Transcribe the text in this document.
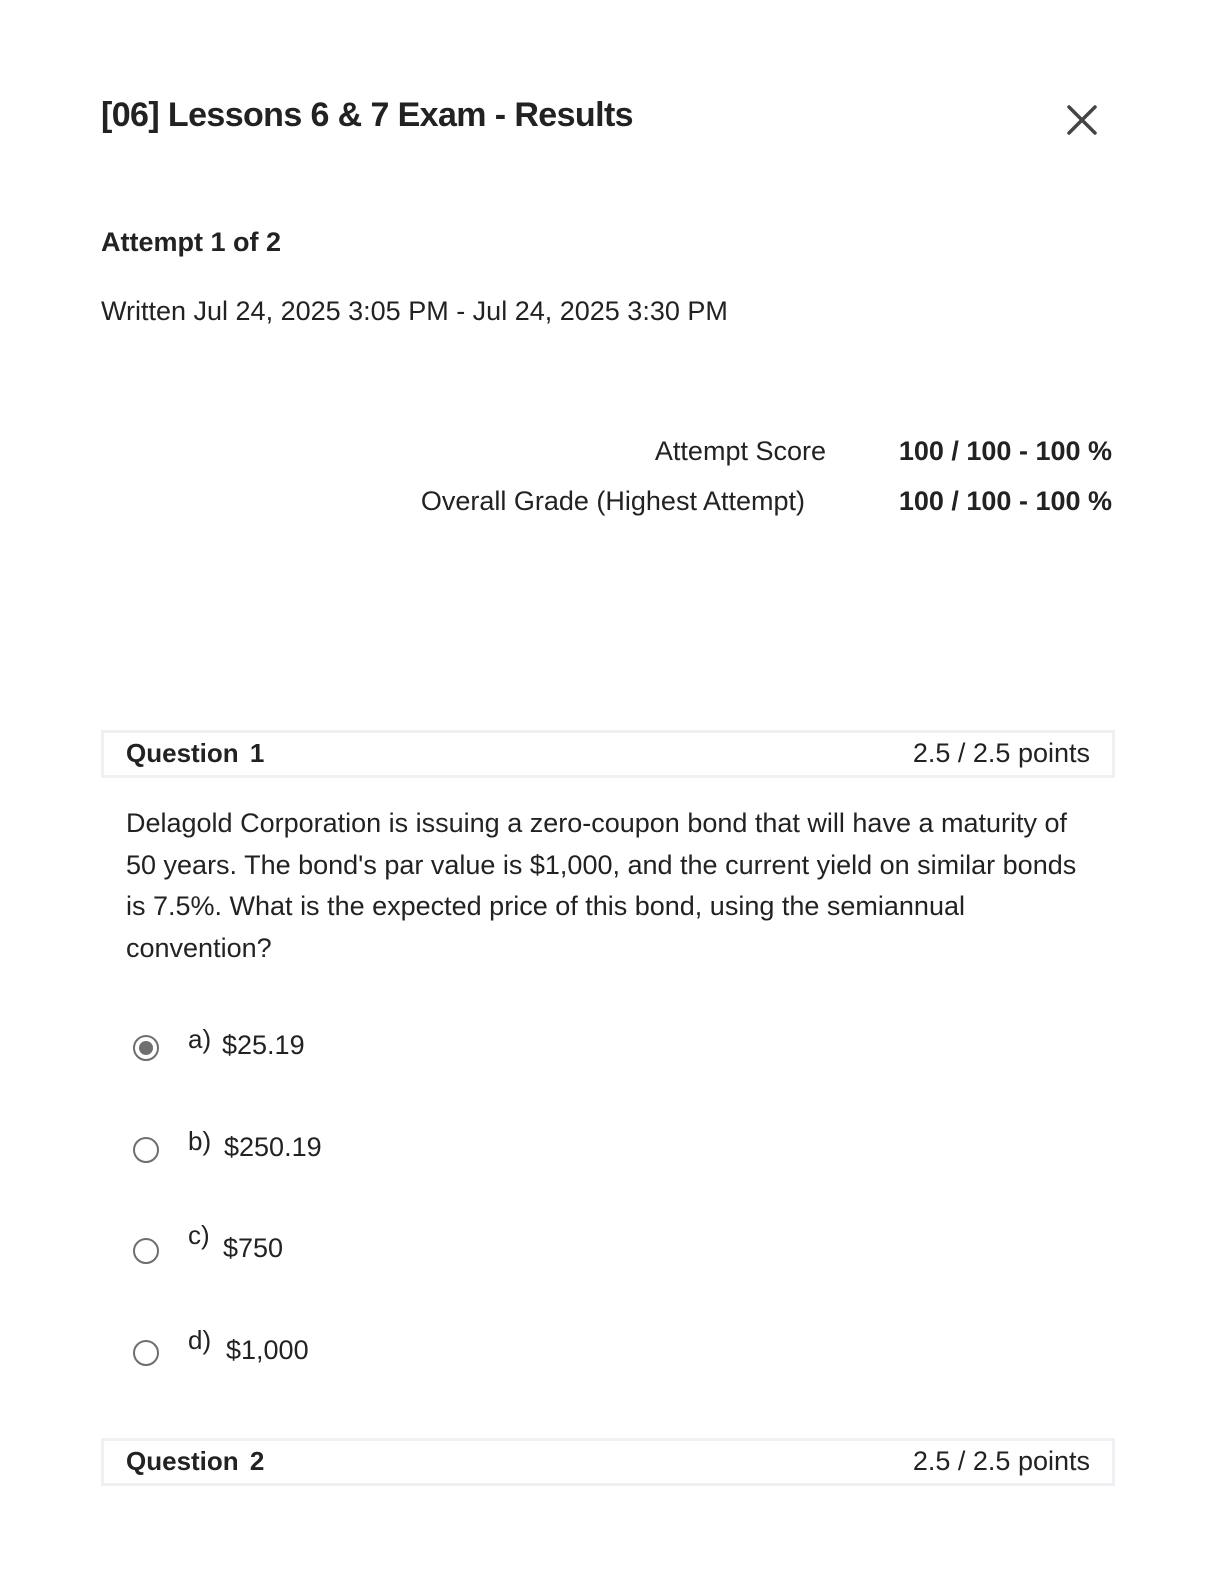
[06] Lessons 6 & 7 Exam - Results
Attempt 1 of 2
Written Jul 24, 2025 3:05 PM - Jul 24, 2025 3:30 PM
Attempt Score	100 / 100 - 100 %
Overall Grade (Highest Attempt)	100 / 100 - 100 %
Question 1	2.5 / 2.5 points
Delagold Corporation is issuing a zero-coupon bond that will have a maturity of 50 years. The bond's par value is $1,000, and the current yield on similar bonds is 7.5%. What is the expected price of this bond, using the semiannual convention?
a) $25.19
b) $250.19
c) $750
d) $1,000
Question 2	2.5 / 2.5 points
